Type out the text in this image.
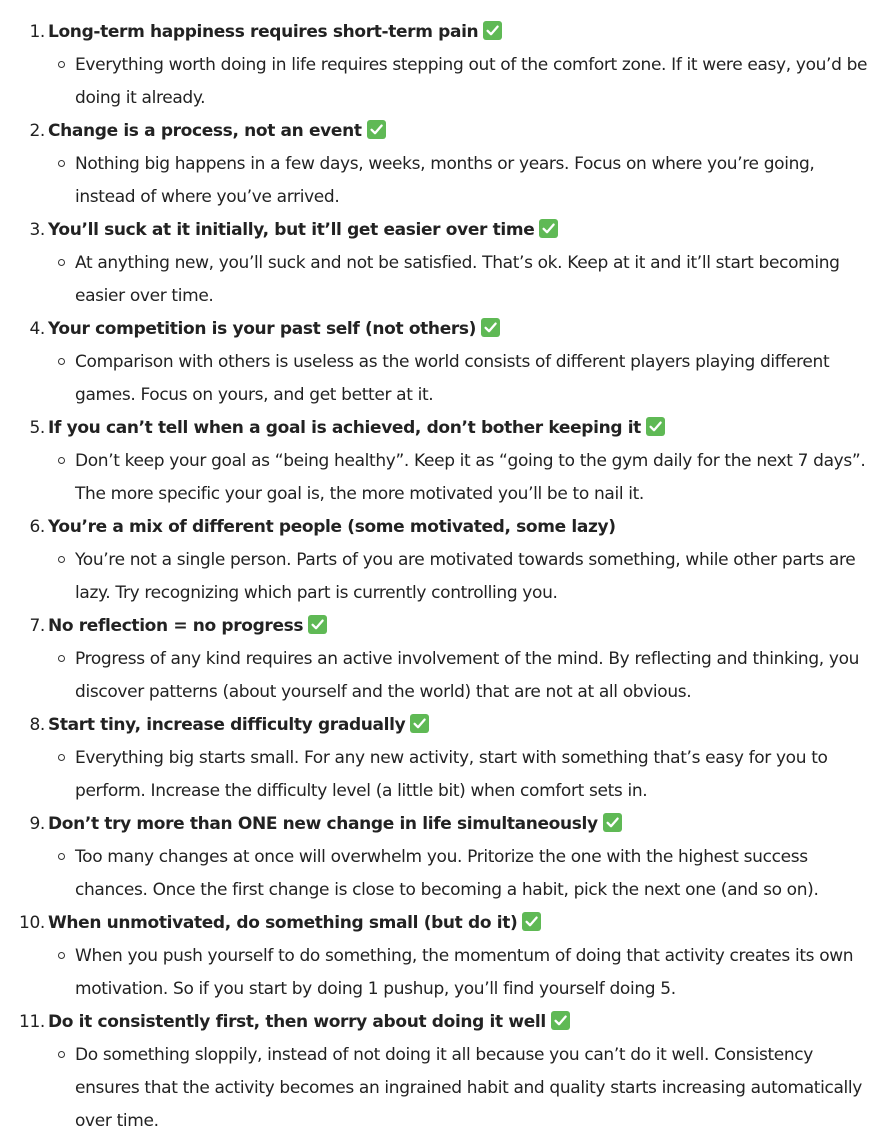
1. Long-term happiness requires short-term pain
Everything worth doing in life requires stepping out of the comfort zone. If it were easy, you’d be doing it already.
2. Change is a process, not an event
Nothing big happens in a few days, weeks, months or years. Focus on where you’re going, instead of where you’ve arrived.
3. You’ll suck at it initially, but it’ll get easier over time
At anything new, you’ll suck and not be satisfied. That’s ok. Keep at it and it’ll start becoming easier over time.
4. Your competition is your past self (not others)
Comparison with others is useless as the world consists of different players playing different games. Focus on yours, and get better at it.
5. If you can’t tell when a goal is achieved, don’t bother keeping it
Don’t keep your goal as “being healthy”. Keep it as “going to the gym daily for the next 7 days”. The more specific your goal is, the more motivated you’ll be to nail it.
6. You’re a mix of different people (some motivated, some lazy)
You’re not a single person. Parts of you are motivated towards something, while other parts are lazy. Try recognizing which part is currently controlling you.
7. No reflection = no progress
Progress of any kind requires an active involvement of the mind. By reflecting and thinking, you discover patterns (about yourself and the world) that are not at all obvious.
8. Start tiny, increase difficulty gradually
Everything big starts small. For any new activity, start with something that’s easy for you to perform. Increase the difficulty level (a little bit) when comfort sets in.
9. Don’t try more than ONE new change in life simultaneously
Too many changes at once will overwhelm you. Pritorize the one with the highest success chances. Once the first change is close to becoming a habit, pick the next one (and so on).
10. When unmotivated, do something small (but do it)
When you push yourself to do something, the momentum of doing that activity creates its own motivation. So if you start by doing 1 pushup, you’ll find yourself doing 5.
11. Do it consistently first, then worry about doing it well
Do something sloppily, instead of not doing it all because you can’t do it well. Consistency ensures that the activity becomes an ingrained habit and quality starts increasing automatically over time.
